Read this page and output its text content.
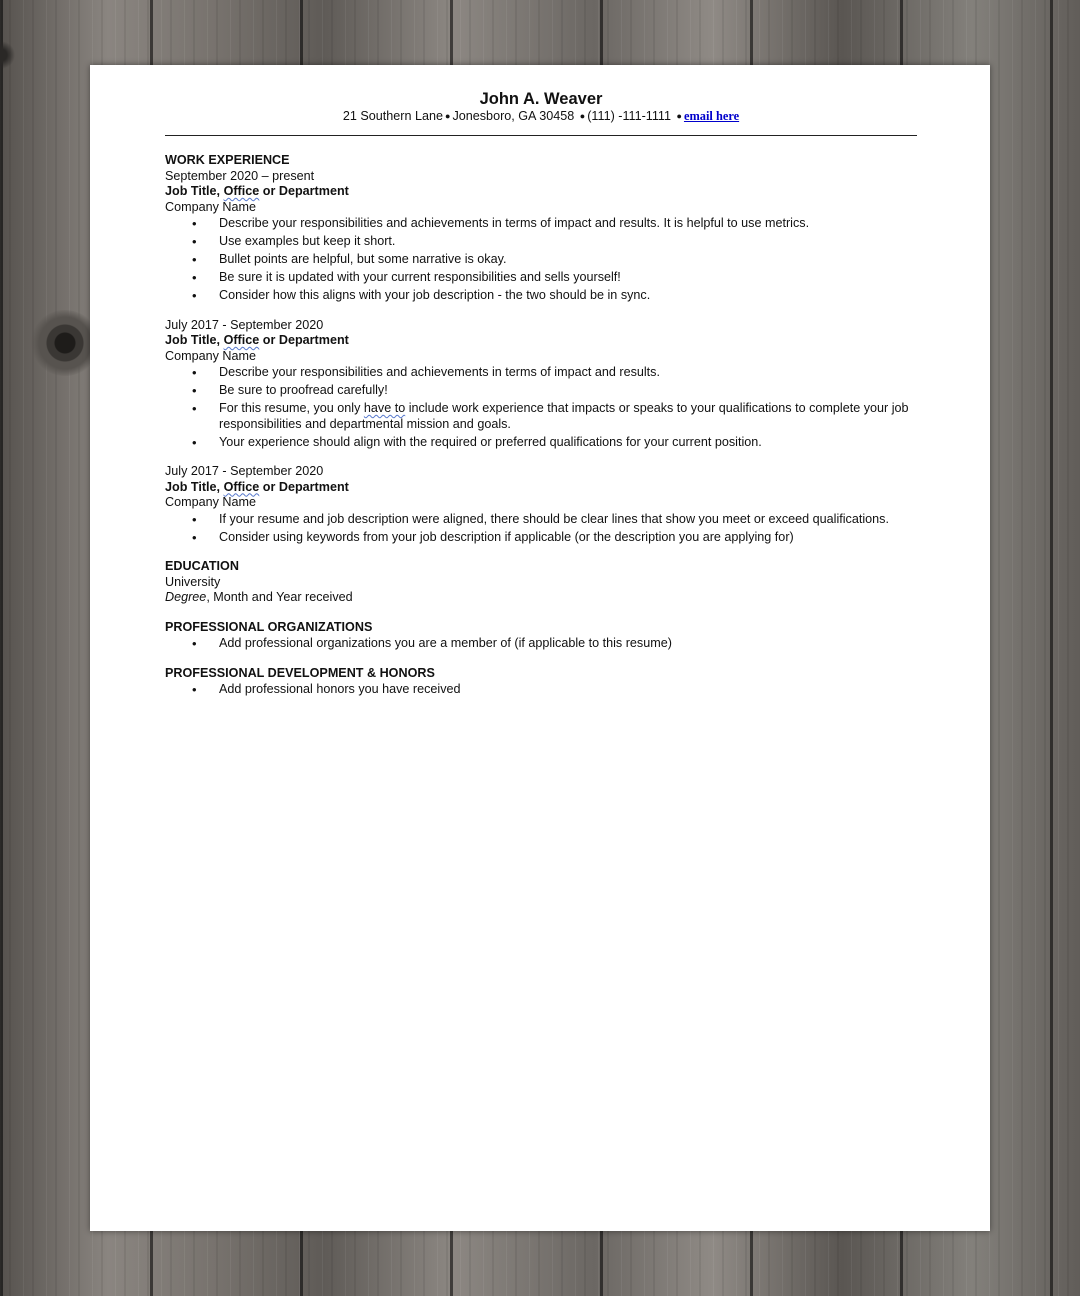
John A. Weaver
21 Southern Lane ● Jonesboro, GA 30458 ● (111) -111-1111 ● email here
WORK EXPERIENCE
September 2020 – present
Job Title, Office or Department
Company Name
• Describe your responsibilities and achievements in terms of impact and results. It is helpful to use metrics.
• Use examples but keep it short.
• Bullet points are helpful, but some narrative is okay.
• Be sure it is updated with your current responsibilities and sells yourself!
• Consider how this aligns with your job description - the two should be in sync.
July 2017 - September 2020
Job Title, Office or Department
Company Name
• Describe your responsibilities and achievements in terms of impact and results.
• Be sure to proofread carefully!
• For this resume, you only have to include work experience that impacts or speaks to your qualifications to complete your job responsibilities and departmental mission and goals.
• Your experience should align with the required or preferred qualifications for your current position.
July 2017 - September 2020
Job Title, Office or Department
Company Name
• If your resume and job description were aligned, there should be clear lines that show you meet or exceed qualifications.
• Consider using keywords from your job description if applicable (or the description you are applying for)
EDUCATION
University
Degree, Month and Year received
PROFESSIONAL ORGANIZATIONS
• Add professional organizations you are a member of (if applicable to this resume)
PROFESSIONAL DEVELOPMENT & HONORS
• Add professional honors you have received
